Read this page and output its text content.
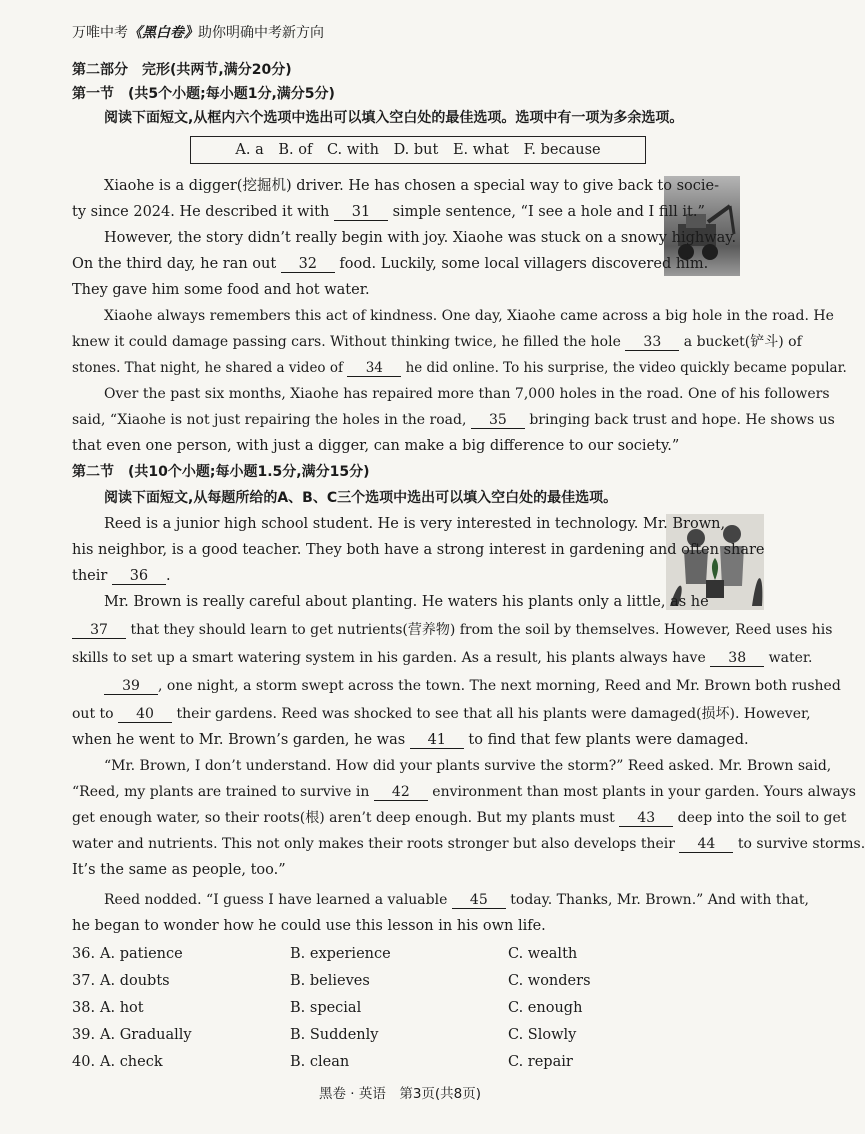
万唯中考《黑白卷》助你明确中考新方向
第二部分　完形(共两节,满分20分)
第一节　(共5个小题;每小题1分,满分5分)
阅读下面短文,从框内六个选项中选出可以填入空白处的最佳选项。选项中有一项为多余选项。
A. a B. of C. with D. but E. what F. because
Xiaohe is a digger(挖掘机) driver. He has chosen a special way to give back to socie-
ty since 2024. He described it with 31 simple sentence, “I see a hole and I fill it.”
However, the story didn’t really begin with joy. Xiaohe was stuck on a snowy highway.
On the third day, he ran out 32 food. Luckily, some local villagers discovered him.
They gave him some food and hot water.
Xiaohe always remembers this act of kindness. One day, Xiaohe came across a big hole in the road. He
knew it could damage passing cars. Without thinking twice, he filled the hole 33 a bucket(铲斗) of
stones. That night, he shared a video of 34 he did online. To his surprise, the video quickly became popular.
Over the past six months, Xiaohe has repaired more than 7,000 holes in the road. One of his followers
said, “Xiaohe is not just repairing the holes in the road, 35 bringing back trust and hope. He shows us
that even one person, with just a digger, can make a big difference to our society.”
第二节　(共10个小题;每小题1.5分,满分15分)
阅读下面短文,从每题所给的A、B、C三个选项中选出可以填入空白处的最佳选项。
Reed is a junior high school student. He is very interested in technology. Mr. Brown,
his neighbor, is a good teacher. They both have a strong interest in gardening and often share
their 36 .
Mr. Brown is really careful about planting. He waters his plants only a little, as he
37 that they should learn to get nutrients(营养物) from the soil by themselves. However, Reed uses his
skills to set up a smart watering system in his garden. As a result, his plants always have 38 water.
39 , one night, a storm swept across the town. The next morning, Reed and Mr. Brown both rushed
out to 40 their gardens. Reed was shocked to see that all his plants were damaged(损坏). However,
when he went to Mr. Brown’s garden, he was 41 to find that few plants were damaged.
“Mr. Brown, I don’t understand. How did your plants survive the storm?” Reed asked. Mr. Brown said,
“Reed, my plants are trained to survive in 42 environment than most plants in your garden. Yours always
get enough water, so their roots(根) aren’t deep enough. But my plants must 43 deep into the soil to get
water and nutrients. This not only makes their roots stronger but also develops their 44 to survive storms.
It’s the same as people, too.”
Reed nodded. “I guess I have learned a valuable 45 today. Thanks, Mr. Brown.” And with that,
he began to wonder how he could use this lesson in his own life.
36. A. patience	B. experience	C. wealth
37. A. doubts	B. believes	C. wonders
38. A. hot	B. special	C. enough
39. A. Gradually	B. Suddenly	C. Slowly
40. A. check	B. clean	C. repair
黑卷 · 英语　第3页(共8页)
